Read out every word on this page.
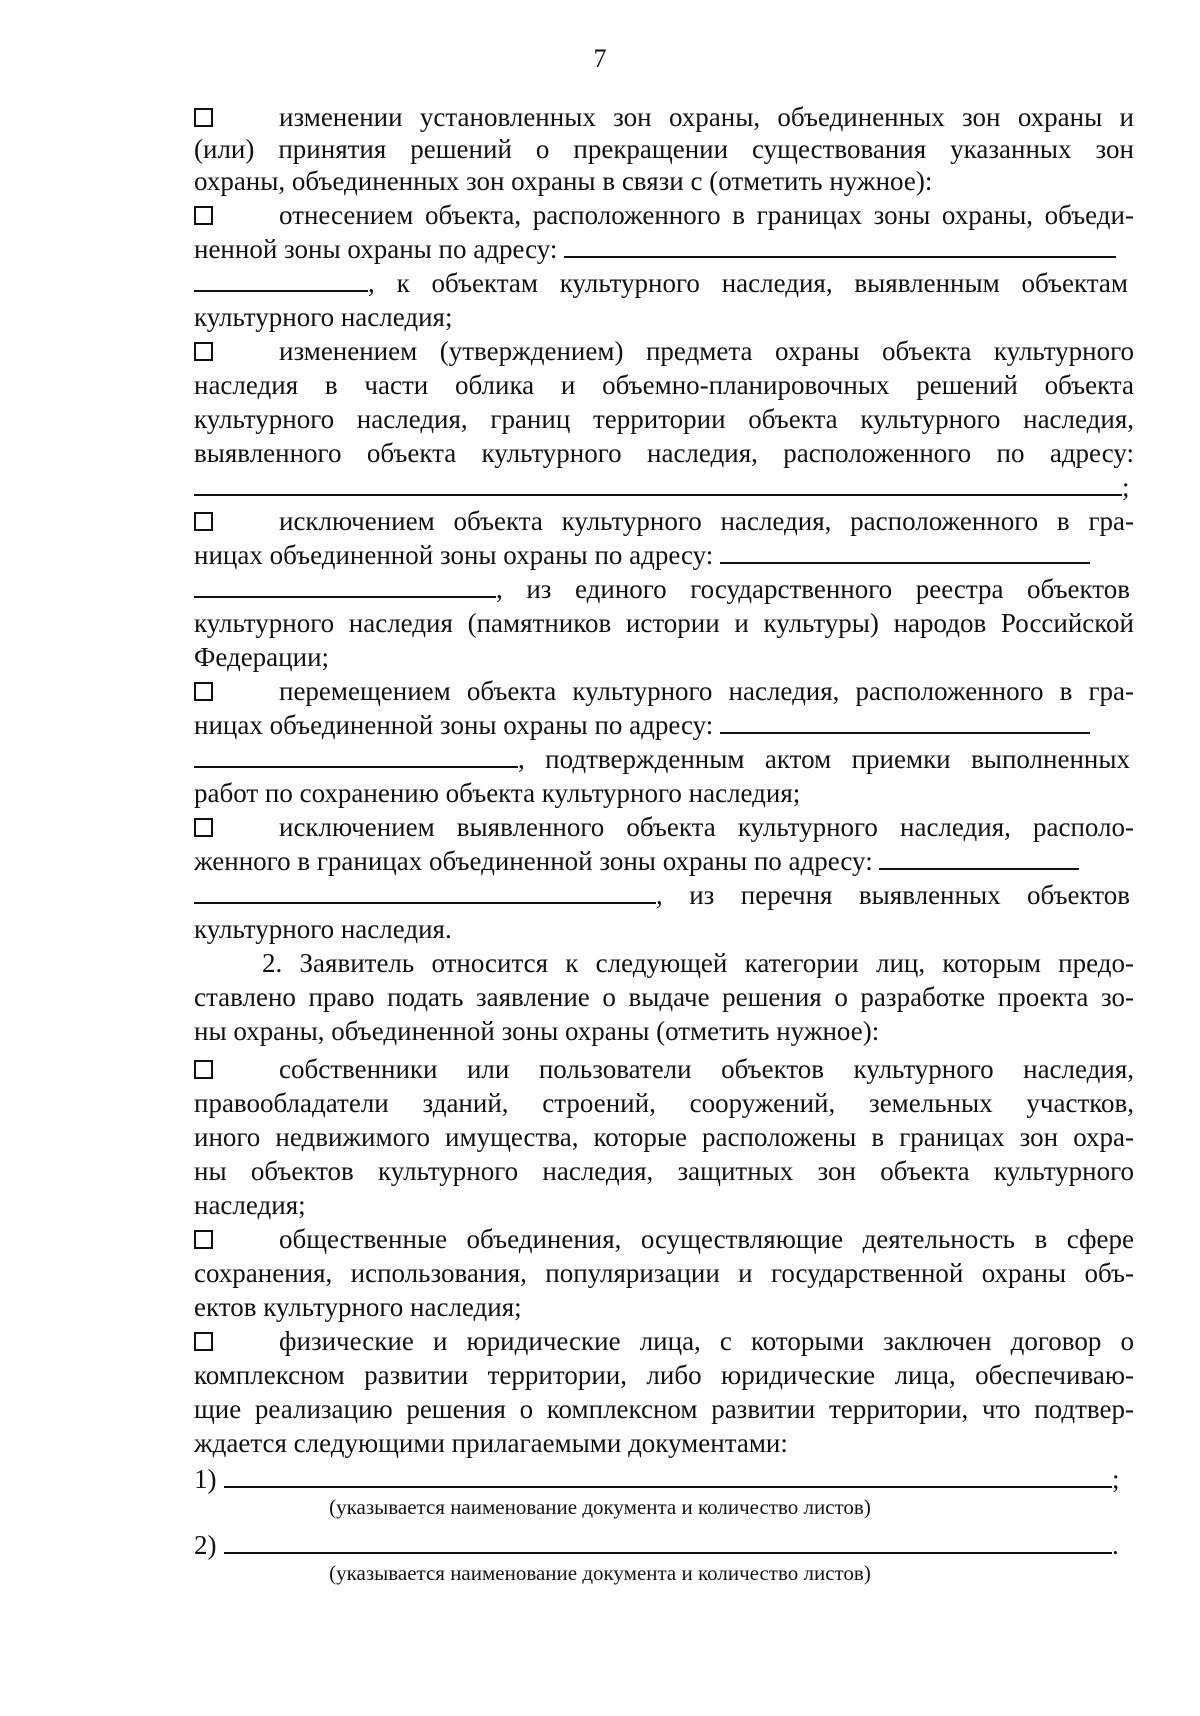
7
изменении установленных зон охраны, объединенных зон охраны и
(или) принятия решений о прекращении существования указанных зон
охраны, объединенных зон охраны в связи с (отметить нужное):
отнесением объекта, расположенного в границах зоны охраны, объеди-
ненной зоны охраны по адресу:
, к объектам культурного наследия, выявленным объектам
культурного наследия;
изменением (утверждением) предмета охраны объекта культурного
наследия в части облика и объемно-планировочных решений объекта
культурного наследия, границ территории объекта культурного наследия,
выявленного объекта культурного наследия, расположенного по адресу:
;
исключением объекта культурного наследия, расположенного в гра-
ницах объединенной зоны охраны по адресу:
, из единого государственного реестра объектов
культурного наследия (памятников истории и культуры) народов Российской
Федерации;
перемещением объекта культурного наследия, расположенного в гра-
ницах объединенной зоны охраны по адресу:
, подтвержденным актом приемки выполненных
работ по сохранению объекта культурного наследия;
исключением выявленного объекта культурного наследия, располо-
женного в границах объединенной зоны охраны по адресу:
, из перечня выявленных объектов
культурного наследия.
2. Заявитель относится к следующей категории лиц, которым предо-
ставлено право подать заявление о выдаче решения о разработке проекта зо-
ны охраны, объединенной зоны охраны (отметить нужное):
собственники или пользователи объектов культурного наследия,
правообладатели зданий, строений, сооружений, земельных участков,
иного недвижимого имущества, которые расположены в границах зон охра-
ны объектов культурного наследия, защитных зон объекта культурного
наследия;
общественные объединения, осуществляющие деятельность в сфере
сохранения, использования, популяризации и государственной охраны объ-
ектов культурного наследия;
физические и юридические лица, с которыми заключен договор о
комплексном развитии территории, либо юридические лица, обеспечиваю-
щие реализацию решения о комплексном развитии территории, что подтвер-
ждается следующими прилагаемыми документами:
1)	;
(указывается наименование документа и количество листов)
2)	.
(указывается наименование документа и количество листов)
